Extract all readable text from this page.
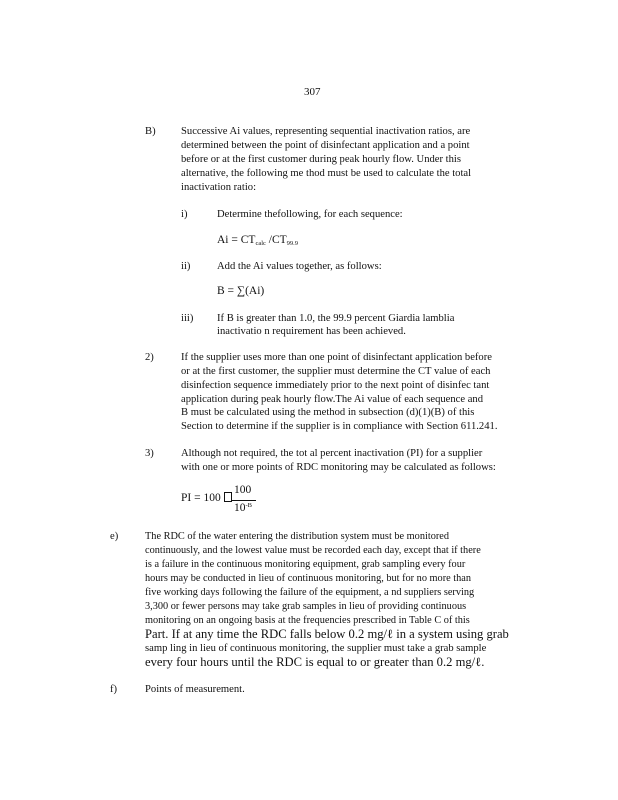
307
B) Successive Ai values, representing sequential inactivation ratios, are
determined between the point of disinfectant application and a point
before or at the first customer during peak hourly flow. Under this
alternative, the following me thod must be used to calculate the total
inactivation ratio:
i)	Determine thefollowing, for each sequence:
$Ai = CT_{calc}$ $/CT_{99.9}$
ii)	Add the Ai values together, as follows:
B = ∑(Ai)
iii) If B is greater than 1.0, the 99.9 percent Giardia lamblia
inactivatio n requirement has been achieved.
2)	If the supplier uses more than one point of disinfectant application before
or at the first customer, the supplier must determine the CT value of each
disinfection sequence immediately prior to the next point of disinfec tant
application during peak hourly flow.The Ai value of each sequence and
B must be calculated using the method in subsection (d)(1)(B) of this
Section to determine if the supplier is in compliance with Section 611.241.
3)	Although not required, the tot al percent inactivation (PI) for a supplier
with one or more points of RDC monitoring may be calculated as follows:
PI = 100
100
$10^{-B}$
e)	The RDC of the water entering the distribution system must be monitored
continuously, and the lowest value must be recorded each day, except that if there
is a failure in the continuous monitoring equipment, grab sampling every four
hours may be conducted in lieu of continuous monitoring, but for no more than
five working days following the failure of the equipment, a nd suppliers serving
3,300 or fewer persons may take grab samples in lieu of providing continuous
monitoring on an ongoing basis at the frequencies prescribed in Table C of this
Part. If at any time the RDC falls below 0.2 mg/ℓ in a system using grab
samp ling in lieu of continuous monitoring, the supplier must take a grab sample
every four hours until the RDC is equal to or greater than 0.2 mg/ℓ.
f)	Points of measurement.
